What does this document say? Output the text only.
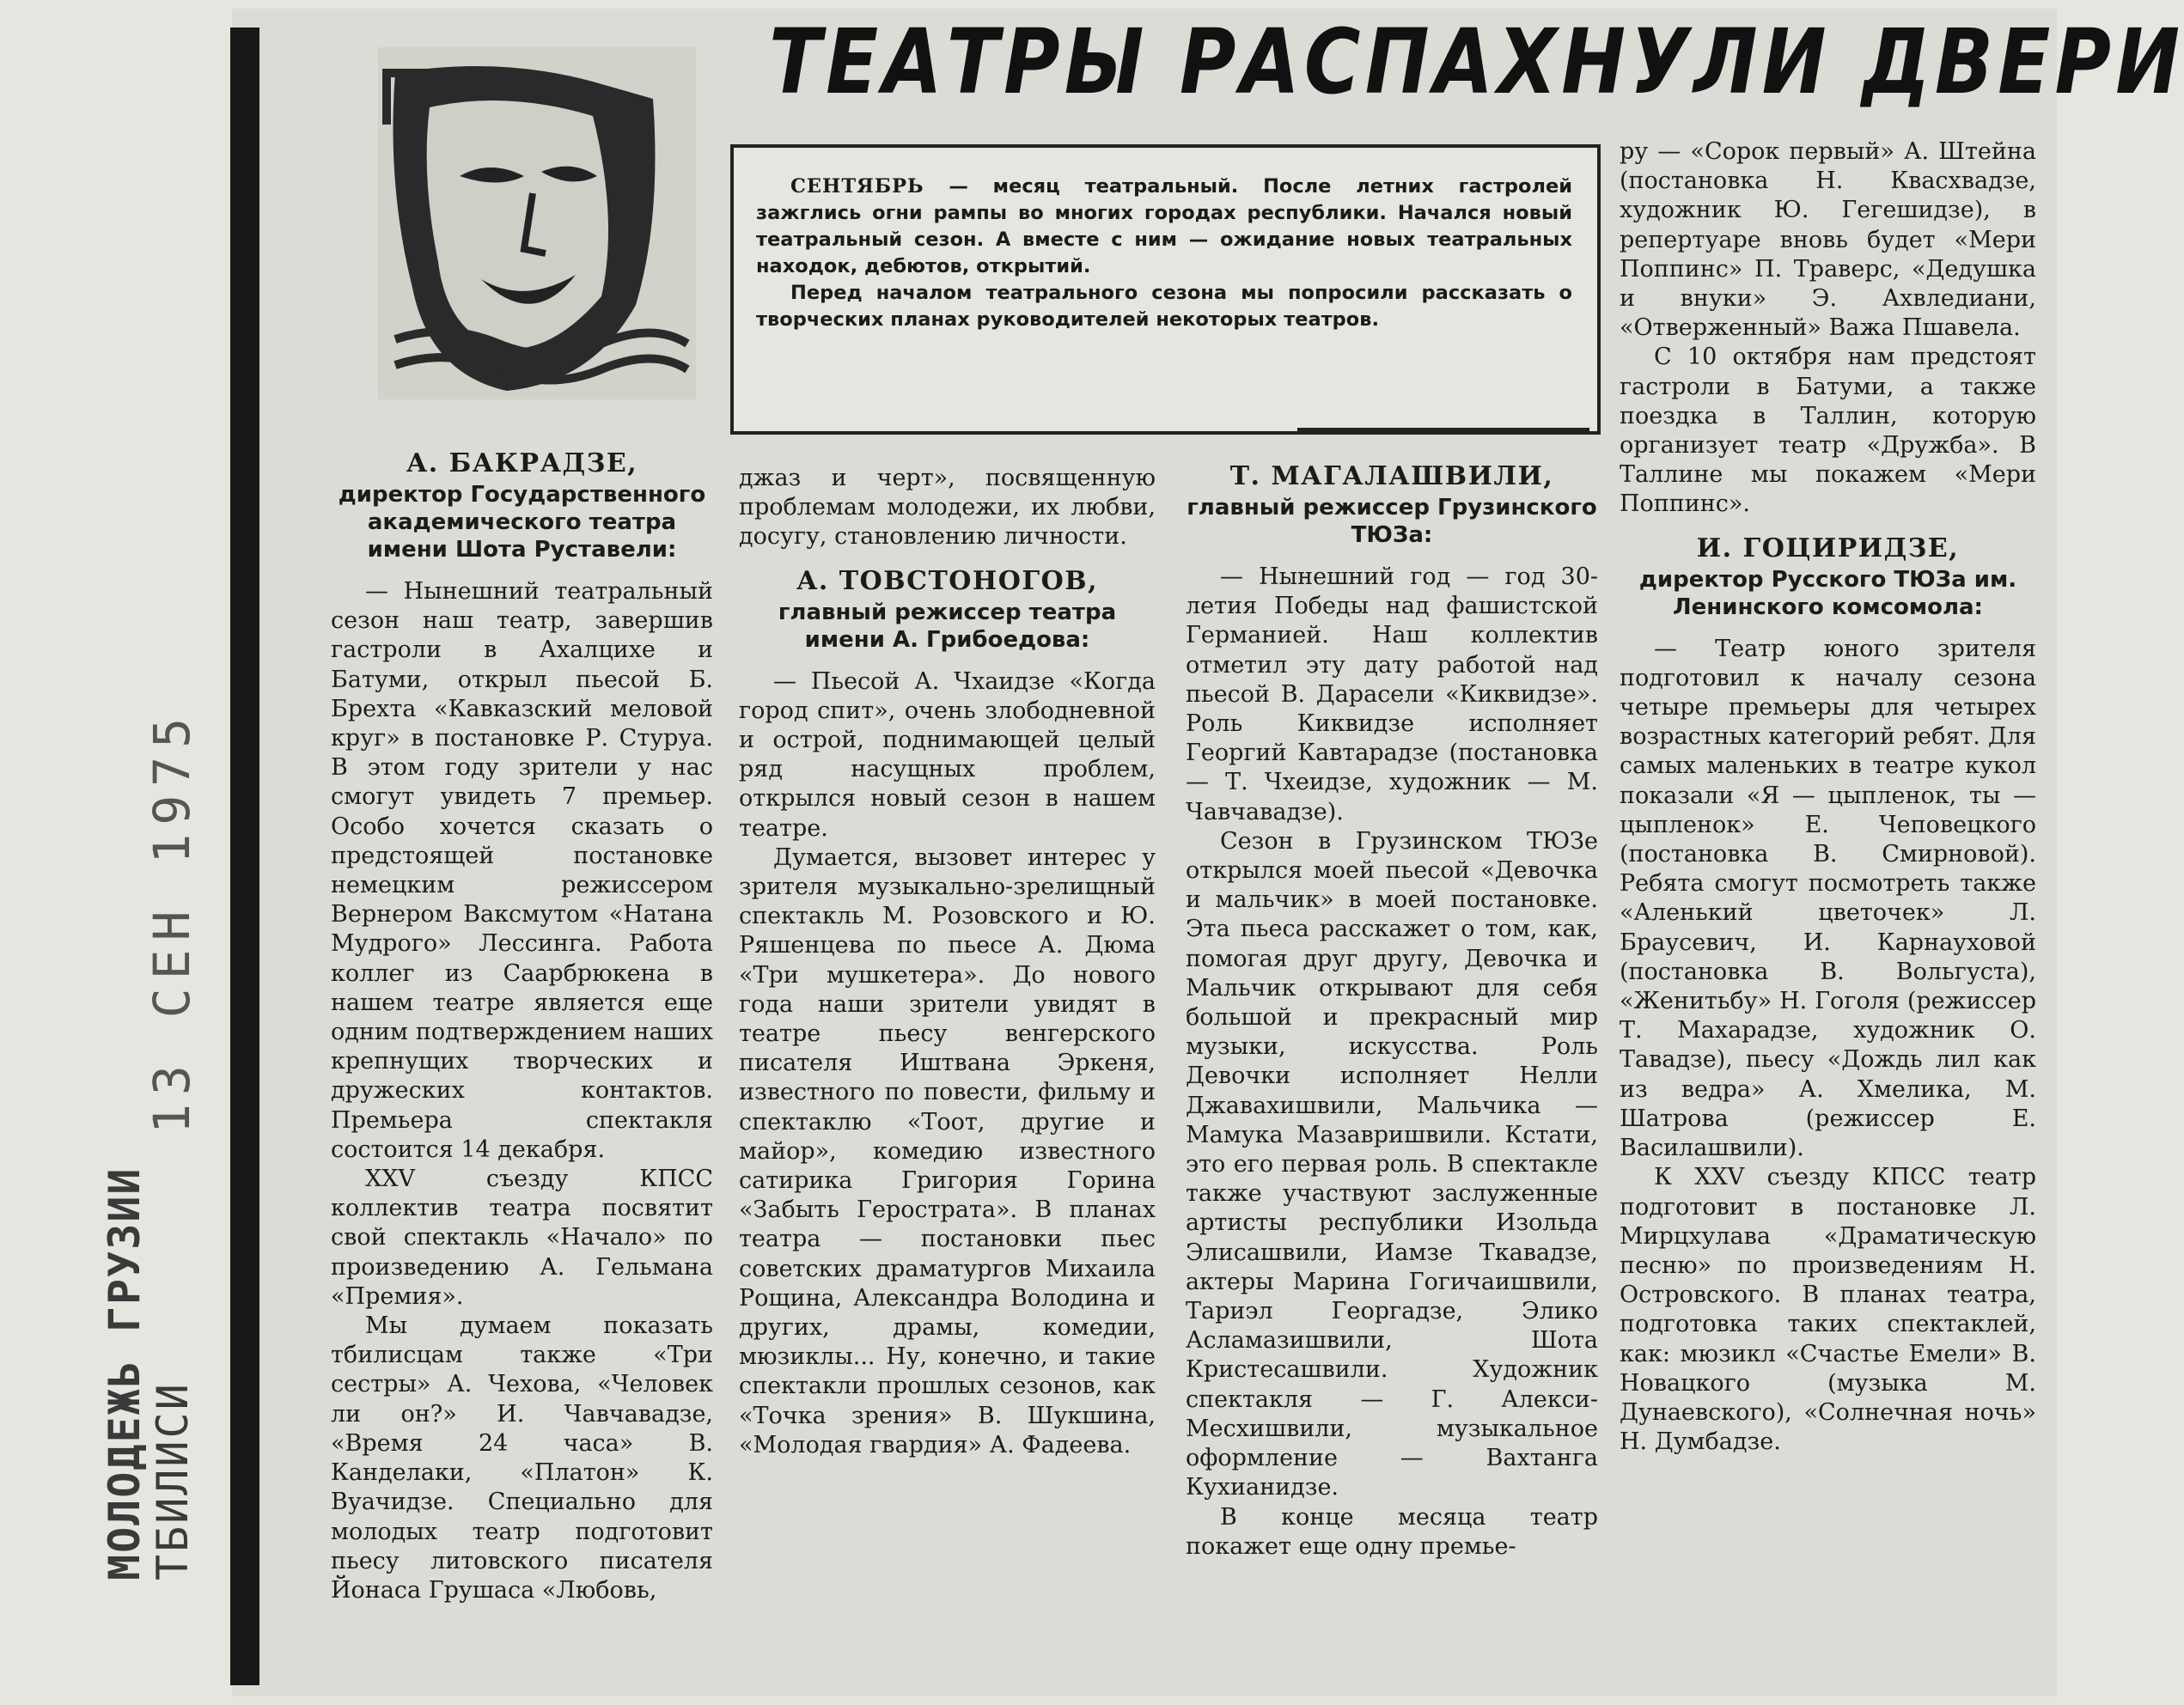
МОЛОДЕЖЬ ГРУЗИИ
ТБИЛИСИ
13 СЕН 1975
ТЕАТРЫ РАСПАХНУЛИ ДВЕРИ

СЕНТЯБРЬ — месяц театральный. После летних гастролей зажглись огни рампы во многих городах республики. Начался новый театральный сезон. А вместе с ним — ожидание новых театральных находок, дебютов, открытий.

Перед началом театрального сезона мы попросили рассказать о творческих планах руководителей некоторых театров.

А. БАКРАДЗЕ,
директор Государственного академического театра имени Шота Руставели:

— Нынешний театральный сезон наш театр, завершив гастроли в Ахалцихе и Батуми, открыл пьесой Б. Брехта «Кавказский меловой круг» в постановке Р. Стуруа. В этом году зрители у нас смогут увидеть 7 премьер. Особо хочется сказать о предстоящей постановке немецким режиссером Вернером Ваксмутом «Натана Мудрого» Лессинга. Работа коллег из Саарбрюкена в нашем театре является еще одним подтверждением наших крепнущих творческих и дружеских контактов. Премьера спектакля состоится 14 декабря.

XXV съезду КПСС коллектив театра посвятит свой спектакль «Начало» по произведению А. Гельмана «Премия».

Мы думаем показать тбилисцам также «Три сестры» А. Чехова, «Человек ли он?» И. Чавчавадзе, «Время 24 часа» В. Канделаки, «Платон» К. Вуачидзе. Специально для молодых театр подготовит пьесу литовского писателя Йонаса Грушаса «Любовь,

джаз и черт», посвященную проблемам молодежи, их любви, досугу, становлению личности.

А. ТОВСТОНОГОВ,
главный режиссер театра имени А. Грибоедова:

— Пьесой А. Чхаидзе «Когда город спит», очень злободневной и острой, поднимающей целый ряд насущных проблем, открылся новый сезон в нашем театре.

Думается, вызовет интерес у зрителя музыкально-зрелищный спектакль М. Розовского и Ю. Ряшенцева по пьесе А. Дюма «Три мушкетера». До нового года наши зрители увидят в театре пьесу венгерского писателя Иштвана Эркеня, известного по повести, фильму и спектаклю «Тоот, другие и майор», комедию известного сатирика Григория Горина «Забыть Герострата». В планах театра — постановки пьес советских драматургов Михаила Рощина, Александра Володина и других, драмы, комедии, мюзиклы... Ну, конечно, и такие спектакли прошлых сезонов, как «Точка зрения» В. Шукшина, «Молодая гвардия» А. Фадеева.

Т. МАГАЛАШВИЛИ,
главный режиссер Грузинского ТЮЗа:

— Нынешний год — год 30-летия Победы над фашистской Германией. Наш коллектив отметил эту дату работой над пьесой В. Дарасели «Киквидзе». Роль Киквидзе исполняет Георгий Кавтарадзе (постановка — Т. Чхеидзе, художник — М. Чавчавадзе).

Сезон в Грузинском ТЮЗе открылся моей пьесой «Девочка и мальчик» в моей постановке. Эта пьеса расскажет о том, как, помогая друг другу, Девочка и Мальчик открывают для себя большой и прекрасный мир музыки, искусства. Роль Девочки исполняет Нелли Джавахишвили, Мальчика — Мамука Мазавришвили. Кстати, это его первая роль. В спектакле также участвуют заслуженные артисты республики Изольда Элисашвили, Иамзе Ткавадзе, актеры Марина Гогичаишвили, Тариэл Георгадзе, Элико Асламазишвили, Шота Кристесашвили. Художник спектакля — Г. Алекси-Месхишвили, музыкальное оформление — Вахтанга Кухианидзе.

В конце месяца театр покажет еще одну премье-

ру — «Сорок первый» А. Штейна (постановка Н. Квасхвадзе, художник Ю. Гегешидзе), в репертуаре вновь будет «Мери Поппинс» П. Траверс, «Дедушка и внуки» Э. Ахвледиани, «Отверженный» Важа Пшавела.

С 10 октября нам предстоят гастроли в Батуми, а также поездка в Таллин, которую организует театр «Дружба». В Таллине мы покажем «Мери Поппинс».

И. ГОЦИРИДЗЕ,
директор Русского ТЮЗа им. Ленинского комсомола:

— Театр юного зрителя подготовил к началу сезона четыре премьеры для четырех возрастных категорий ребят. Для самых маленьких в театре кукол показали «Я — цыпленок, ты — цыпленок» Е. Чеповецкого (постановка В. Смирновой). Ребята смогут посмотреть также «Аленький цветочек» Л. Браусевич, И. Карнауховой (постановка В. Вольгуста), «Женитьбу» Н. Гоголя (режиссер Т. Махарадзе, художник О. Тавадзе), пьесу «Дождь лил как из ведра» А. Хмелика, М. Шатрова (режиссер Е. Василашвили).

К XXV съезду КПСС театр подготовит в постановке Л. Мирцхулава «Драматическую песню» по произведениям Н. Островского. В планах театра, подготовка таких спектаклей, как: мюзикл «Счастье Емели» В. Новацкого (музыка М. Дунаевского), «Солнечная ночь» Н. Думбадзе.
